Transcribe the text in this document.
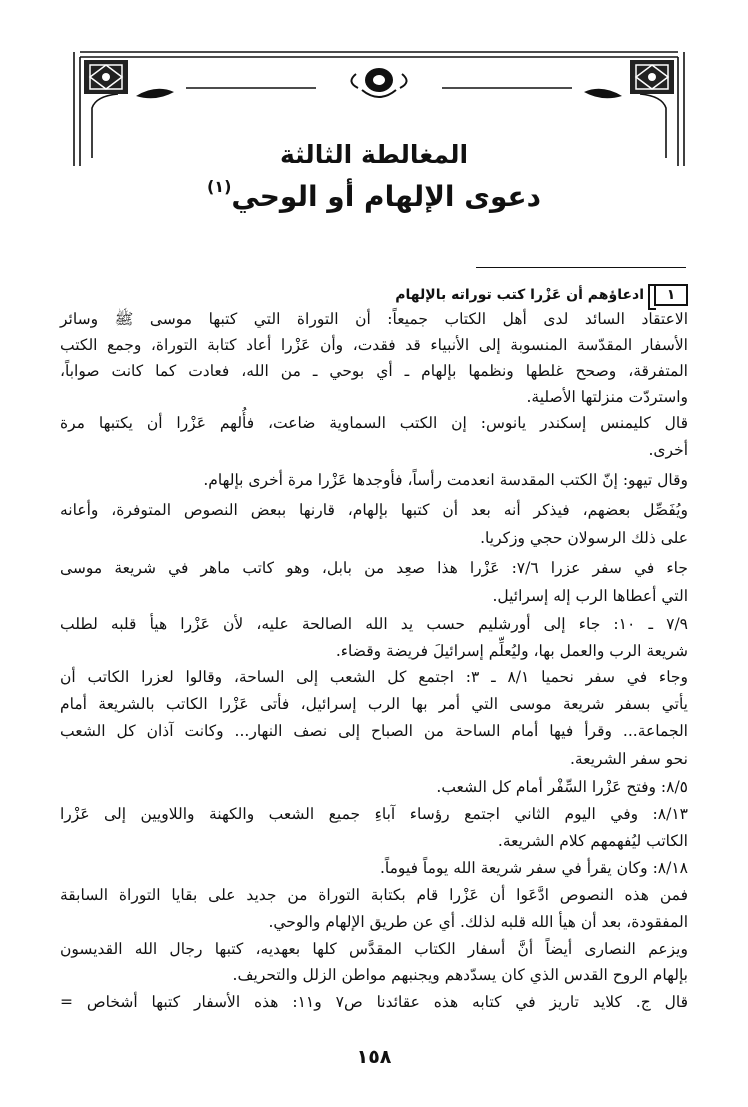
المغالطة الثالثة
دعوى الإلهام أو الوحي$^{(١)}$
١
ادعاؤهم أن عَزْرا كتب توراته بالإلهام
الاعتقاد السائد لدى أهل الكتاب جميعاً: أن التوراة التي كتبها موسى ﷺ وسائر
الأسفار المقدّسة المنسوبة إلى الأنبياء قد فقدت، وأن عَزْرا أعاد كتابة التوراة، وجمع الكتب
المتفرقة، وصحح غلطها ونظمها بإلهام ـ أي بوحي ـ من الله، فعادت كما كانت صواباً،
واستردّت منزلتها الأصلية.
قال كليمنس إسكندر يانوس: إن الكتب السماوية ضاعت، فأُلهم عَزْرا أن يكتبها مرة
أخرى.
وقال تيهو: إنّ الكتب المقدسة انعدمت رأساً، فأوجدها عَزْرا مرة أخرى بإلهام.
ويُفَصِّل بعضهم، فيذكر أنه بعد أن كتبها بإلهام، قارنها ببعض النصوص المتوفرة، وأعانه
على ذلك الرسولان حجي وزكريا.
جاء في سفر عزرا ٧/٦: عَزْرا هذا صعِد من بابل، وهو كاتب ماهر في شريعة موسى
التي أعطاها الرب إله إسرائيل.
٧/٩ ـ ١٠: جاء إلى أورشليم حسب يد الله الصالحة عليه، لأن عَزْرا هيأ قلبه لطلب
شريعة الرب والعمل بها، وليُعلِّم إسرائيلَ فريضة وقضاء.
وجاء في سفر نحميا ٨/١ ـ ٣: اجتمع كل الشعب إلى الساحة، وقالوا لعزرا الكاتب أن
يأتي بسفر شريعة موسى التي أمر بها الرب إسرائيل، فأتى عَزْرا الكاتب بالشريعة أمام
الجماعة... وقرأ فيها أمام الساحة من الصباح إلى نصف النهار... وكانت آذان كل الشعب
نحو سفر الشريعة.
٨/٥: وفتح عَزْرا السِّفْر أمام كل الشعب.
٨/١٣: وفي اليوم الثاني اجتمع رؤساء آباءِ جميع الشعب والكهنة واللاويين إلى عَزْرا
الكاتب ليُفهمهم كلام الشريعة.
٨/١٨: وكان يقرأ في سفر شريعة الله يوماً فيوماً.
فمن هذه النصوص ادَّعَوا أن عَزْرا قام بكتابة التوراة من جديد على بقايا التوراة السابقة
المفقودة، بعد أن هيأ الله قلبه لذلك. أي عن طريق الإلهام والوحي.
ويزعم النصارى أيضاً أنَّ أسفار الكتاب المقدَّس كلها بعهديه، كتبها رجال الله القديسون
بإلهام الروح القدس الذي كان يسدّدهم ويجنبهم مواطن الزلل والتحريف.
قال ج. كلايد تاريز في كتابه هذه عقائدنا ص٧ و١١: هذه الأسفار كتبها أشخاص =

١٥٨
